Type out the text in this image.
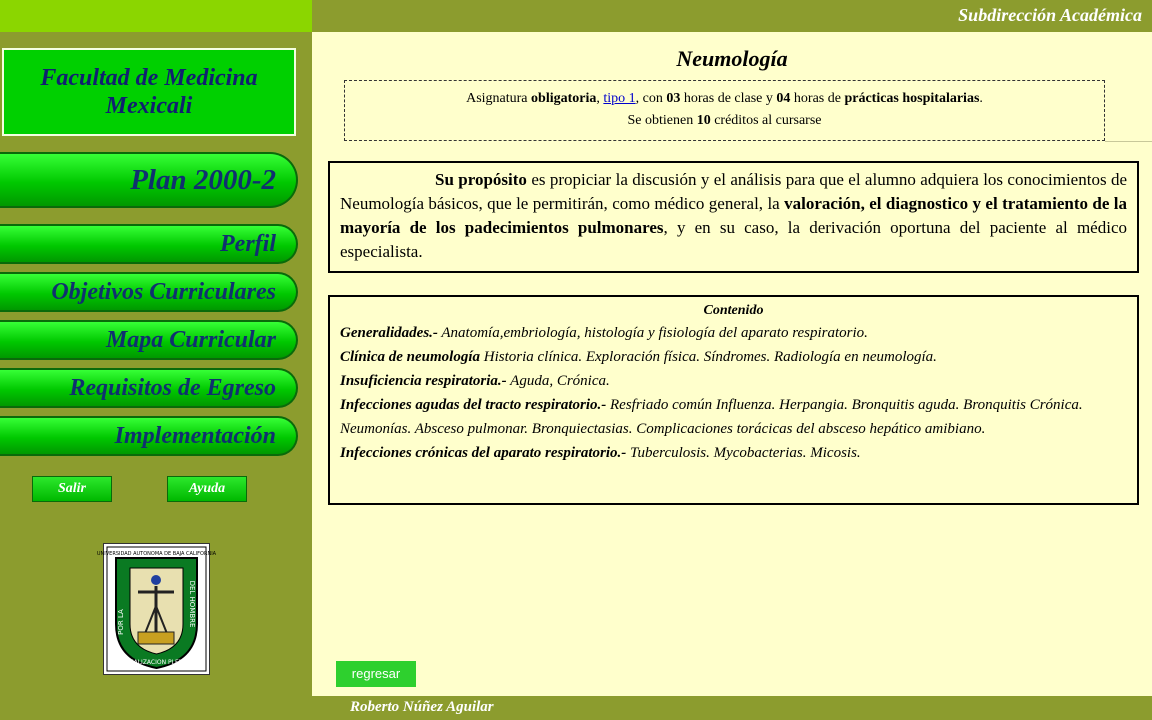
Subdirección Académica
Facultad de Medicina
Mexicali
Plan 2000-2
Perfil
Objetivos Curriculares
Mapa Curricular
Requisitos de Egreso
Implementación
Salir	Ayuda
UNIVERSIDAD AUTONOMA DE BAJA CALIFORNIA
POR LA	DEL HOMBRE
REALIZACION PLENA
Neumología
Asignatura obligatoria, tipo 1, con 03 horas de clase y 04 horas de prácticas hospitalarias.
Se obtienen 10 créditos al cursarse
Su propósito es propiciar la discusión y el análisis para que el alumno adquiera los conocimientos de Neumología básicos, que le permitirán, como médico general, la valoración, el diagnostico y el tratamiento de la mayoría de los padecimientos pulmonares, y en su caso, la derivación oportuna del paciente al médico especialista.
Contenido
Generalidades.- Anatomía,embriología, histología y fisiología del aparato respiratorio.
Clínica de neumología Historia clínica. Exploración física. Síndromes. Radiología en neumología.
Insuficiencia respiratoria.- Aguda, Crónica.
Infecciones agudas del tracto respiratorio.- Resfriado común Influenza. Herpangia. Bronquitis aguda. Bronquitis Crónica. Neumonías. Absceso pulmonar. Bronquiectasias. Complicaciones torácicas del absceso hepático amibiano.
Infecciones crónicas del aparato respiratorio.- Tuberculosis. Mycobacterias. Micosis.
regresar
Roberto Núñez Aguilar
